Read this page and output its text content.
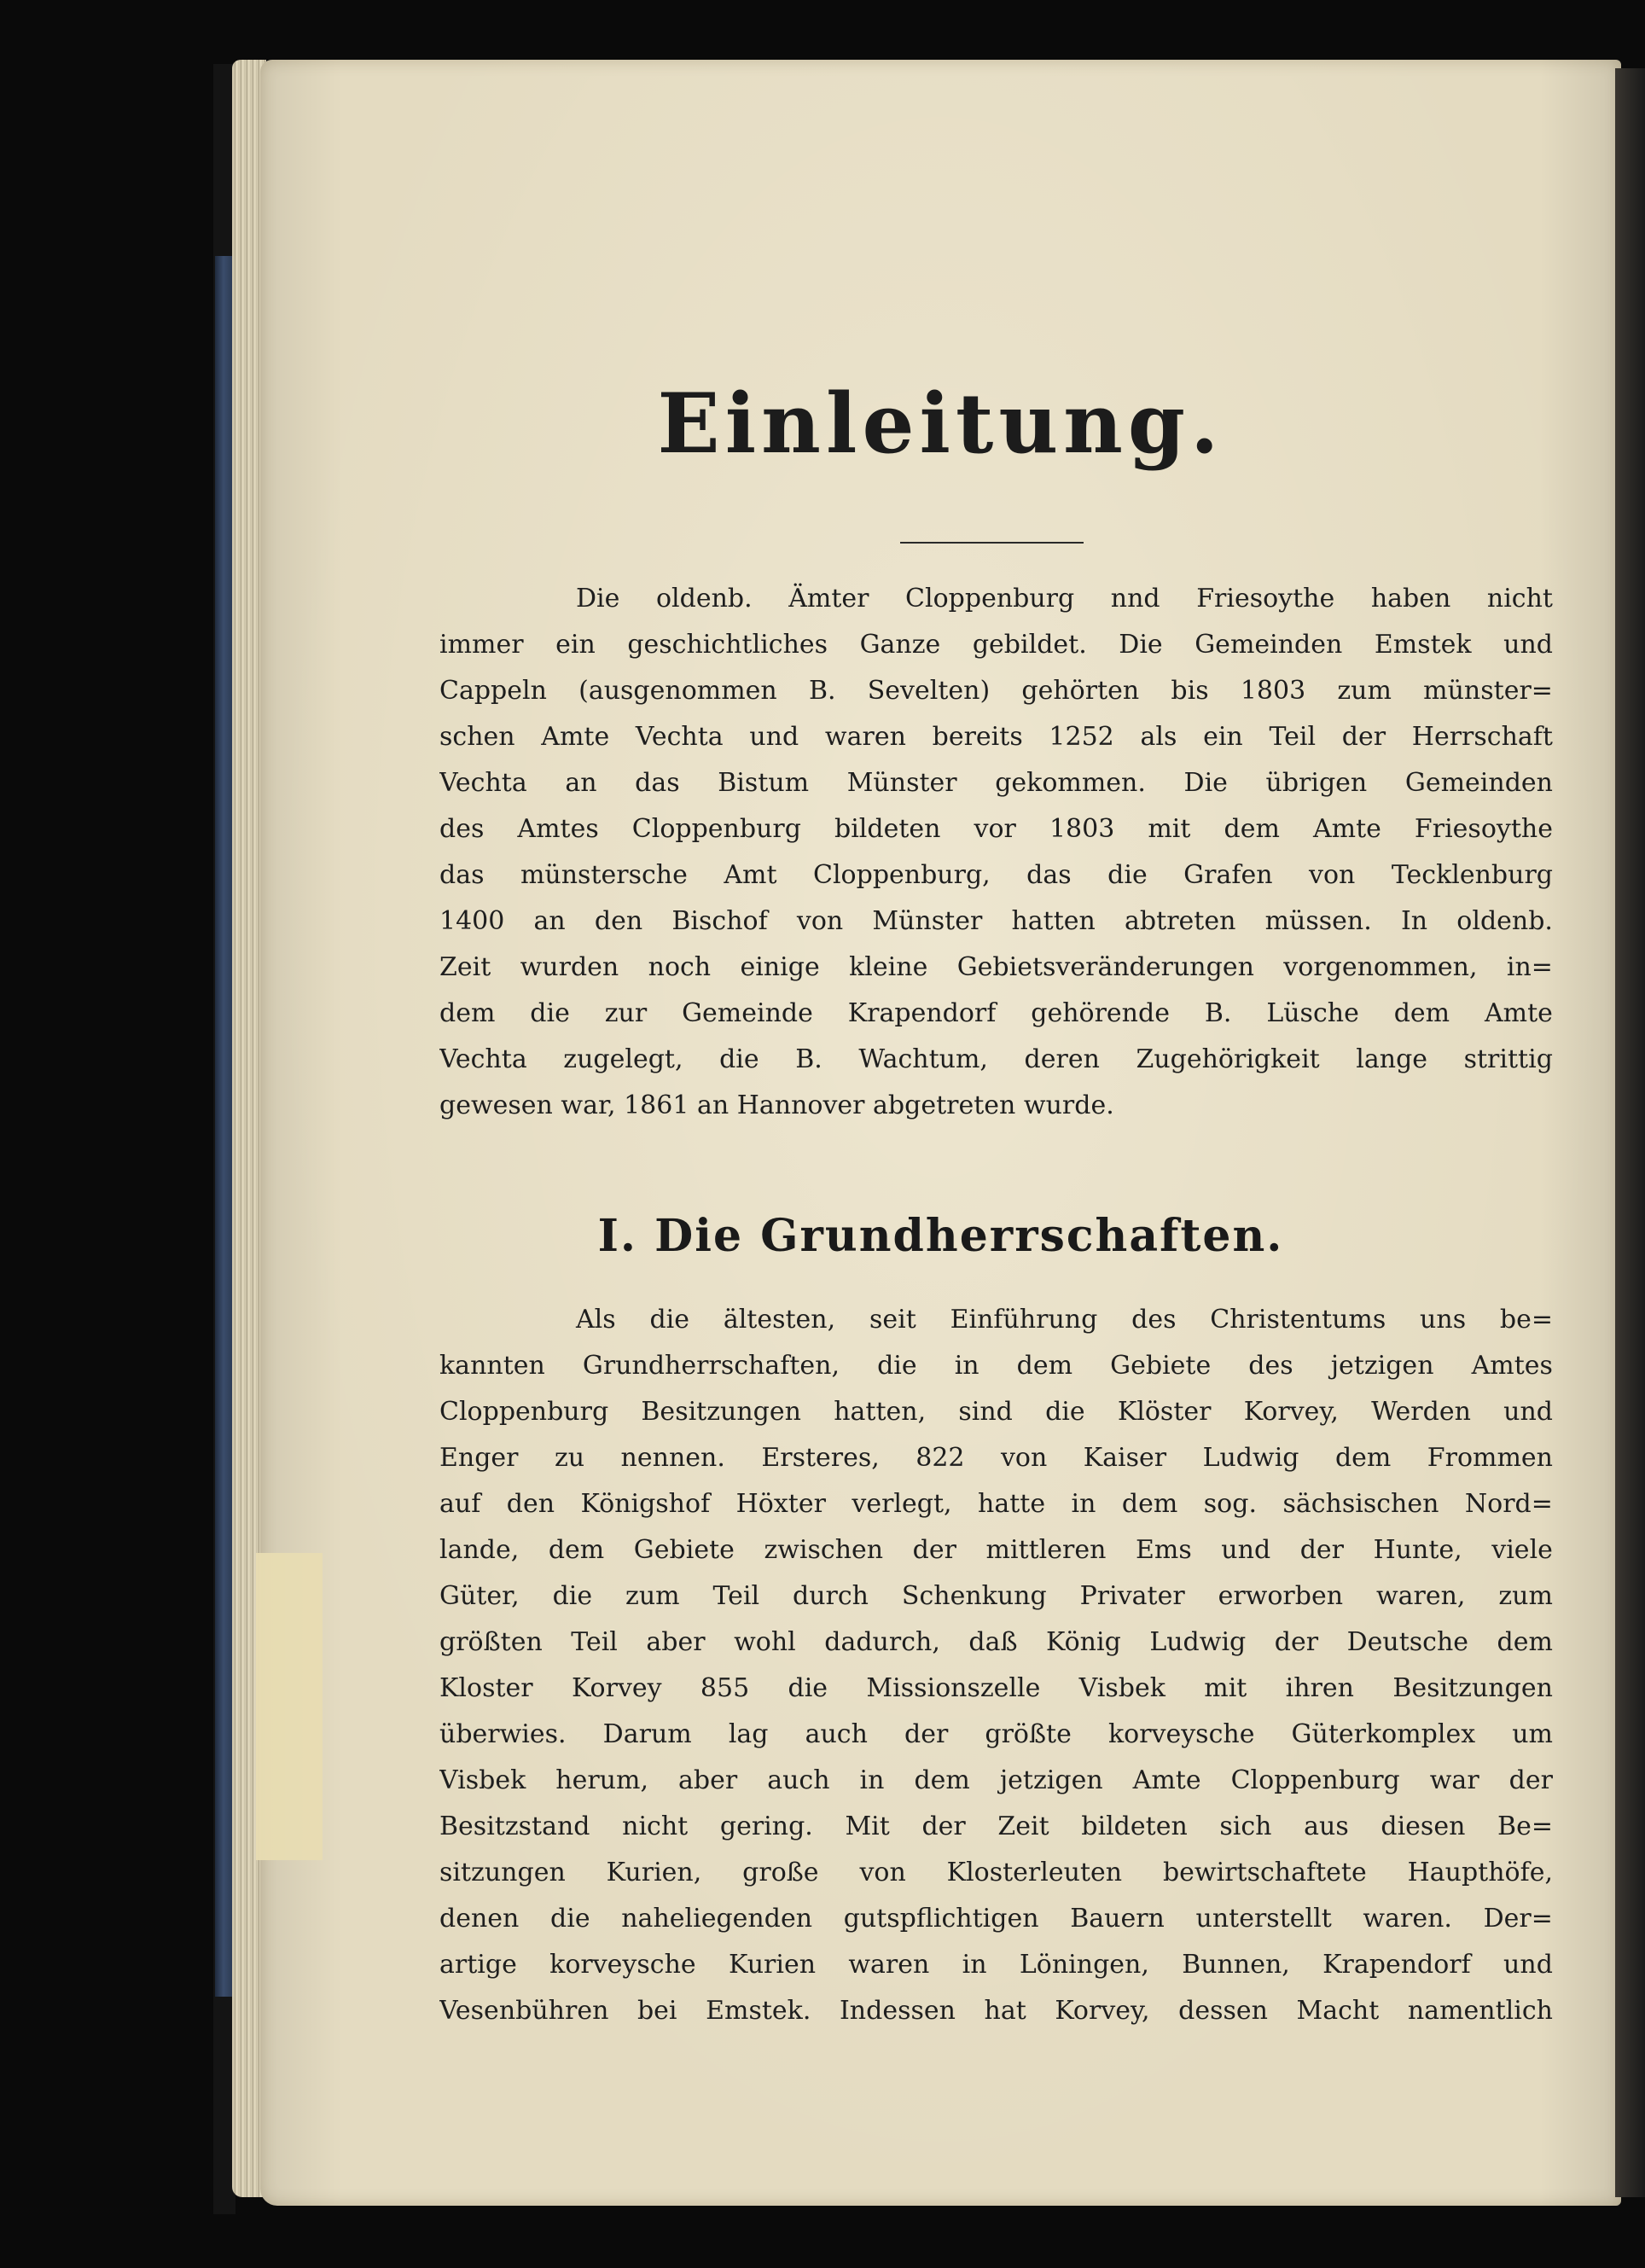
Einleitung.
Die oldenb. Ämter Cloppenburg nnd Friesoythe haben nicht
immer ein geschichtliches Ganze gebildet. Die Gemeinden Emstek und
Cappeln (ausgenommen B. Sevelten) gehörten bis 1803 zum münster=
schen Amte Vechta und waren bereits 1252 als ein Teil der Herrschaft
Vechta an das Bistum Münster gekommen. Die übrigen Gemeinden
des Amtes Cloppenburg bildeten vor 1803 mit dem Amte Friesoythe
das münstersche Amt Cloppenburg, das die Grafen von Tecklenburg
1400 an den Bischof von Münster hatten abtreten müssen. In oldenb.
Zeit wurden noch einige kleine Gebietsveränderungen vorgenommen, in=
dem die zur Gemeinde Krapendorf gehörende B. Lüsche dem Amte
Vechta zugelegt, die B. Wachtum, deren Zugehörigkeit lange strittig
gewesen war, 1861 an Hannover abgetreten wurde.
I. Die Grundherrschaften.
Als die ältesten, seit Einführung des Christentums uns be=
kannten Grundherrschaften, die in dem Gebiete des jetzigen Amtes
Cloppenburg Besitzungen hatten, sind die Klöster Korvey, Werden und
Enger zu nennen. Ersteres, 822 von Kaiser Ludwig dem Frommen
auf den Königshof Höxter verlegt, hatte in dem sog. sächsischen Nord=
lande, dem Gebiete zwischen der mittleren Ems und der Hunte, viele
Güter, die zum Teil durch Schenkung Privater erworben waren, zum
größten Teil aber wohl dadurch, daß König Ludwig der Deutsche dem
Kloster Korvey 855 die Missionszelle Visbek mit ihren Besitzungen
überwies. Darum lag auch der größte korveysche Güterkomplex um
Visbek herum, aber auch in dem jetzigen Amte Cloppenburg war der
Besitzstand nicht gering. Mit der Zeit bildeten sich aus diesen Be=
sitzungen Kurien, große von Klosterleuten bewirtschaftete Haupthöfe,
denen die naheliegenden gutspflichtigen Bauern unterstellt waren. Der=
artige korveysche Kurien waren in Löningen, Bunnen, Krapendorf und
Vesenbühren bei Emstek. Indessen hat Korvey, dessen Macht namentlich
